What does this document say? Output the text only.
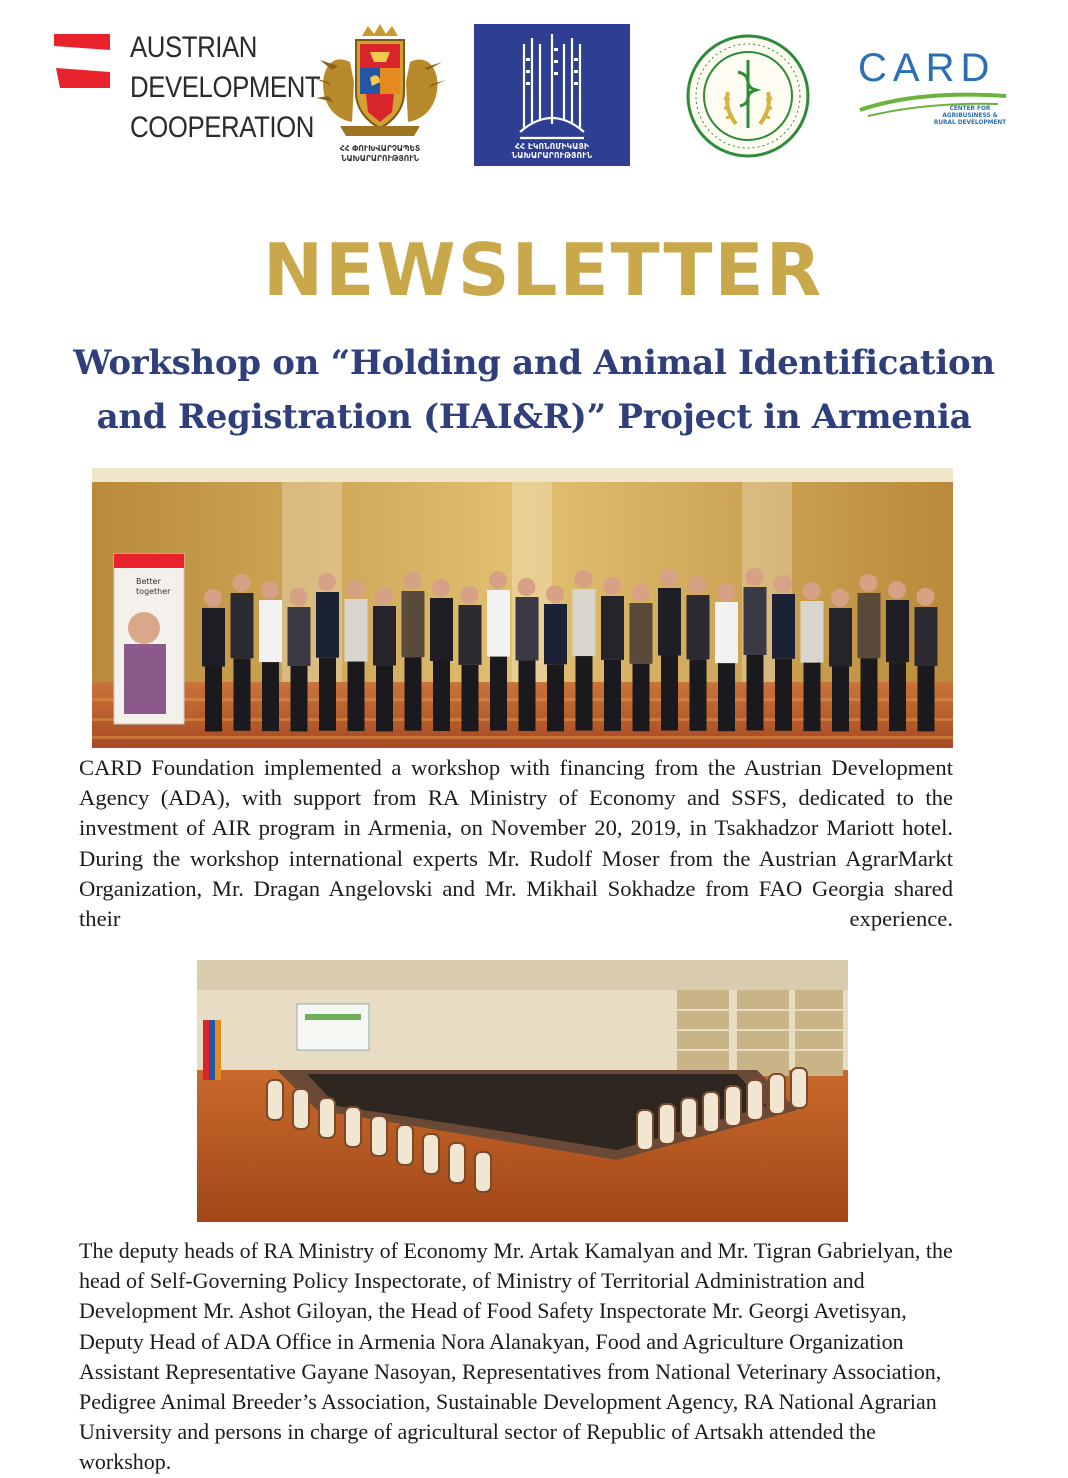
AUSTRIAN
DEVELOPMENT
COOPERATION
ՀՀ ՓՈՒԽՎԱՐՉԱՊԵՏ
ՆԱԽԱՐԱՐՈՒԹՅՈՒՆ
ՀՀ ԷԿՈՆՈՄԻԿԱՅԻ ՆԱԽԱՐԱՐՈՒԹՅՈՒՆ
CARD
CENTER FOR
AGRIBUSINESS &
RURAL DEVELOPMENT
NEWSLETTER
Workshop on “Holding and Animal Identification
and Registration (HAI&R)” Project in Armenia
Better
together

CARD Foundation implemented a workshop with financing from the Austrian Development Agency (ADA), with support from RA Ministry of Economy and SSFS, dedicated to the investment of AIR program in Armenia, on November 20, 2019, in Tsakhadzor Mariott hotel. During the workshop international experts Mr. Rudolf Moser from the Austrian AgrarMarkt Organization, Mr. Dragan Angelovski and Mr. Mikhail Sokhadze from FAO Georgia shared their experience.

The deputy heads of RA Ministry of Economy Mr. Artak Kamalyan and Mr. Tigran Gabrielyan, the head of Self-Governing Policy Inspectorate, of Ministry of Territorial Administration and Development Mr. Ashot Giloyan, the Head of Food Safety Inspectorate Mr. Georgi Avetisyan, Deputy Head of ADA Office in Armenia Nora Alanakyan, Food and Agriculture Organization Assistant Representative Gayane Nasoyan, Representatives from National Veterinary Association, Pedigree Animal Breeder’s Association, Sustainable Development Agency, RA National Agrarian University and persons in charge of agricultural sector of Republic of Artsakh attended the workshop.
